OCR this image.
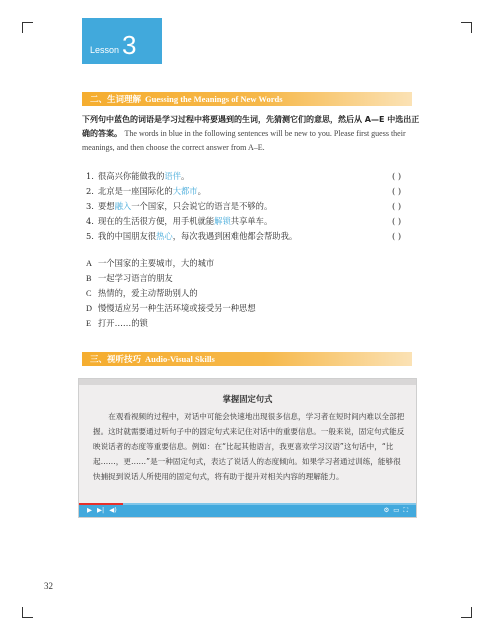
Lesson 3
二、生词理解 Guessing the Meanings of New Words
下列句中蓝色的词语是学习过程中将要遇到的生词，先猜测它们的意思，然后从 A—E 中选出正确的答案。 The words in blue in the following sentences will be new to you. Please first guess their meanings, and then choose the correct answer from A–E.
1. 很高兴你能做我的语伴。	( )
2. 北京是一座国际化的大都市。	( )
3. 要想融入一个国家，只会说它的语言是不够的。	( )
4. 现在的生活很方便，用手机就能解锁共享单车。	( )
5. 我的中国朋友很热心，每次我遇到困难他都会帮助我。	( )
A 一个国家的主要城市，大的城市
B 一起学习语言的朋友
C 热情的，爱主动帮助别人的
D 慢慢适应另一种生活环境或接受另一种思想
E 打开……的锁
三、视听技巧 Audio-Visual Skills
掌握固定句式
在观看视频的过程中，对话中可能会快速地出现很多信息，学习者在短时间内难以全部把握。这时就需要通过听句子中的固定句式来记住对话中的重要信息。一般来说，固定句式能反映说话者的态度等重要信息。例如：在“比起其他语言，我更喜欢学习汉语”这句话中，“比起……，更……”是一种固定句式，表达了说话人的态度倾向。如果学习者通过训练，能够很快捕捉到说话人所使用的固定句式，将有助于提升对相关内容的理解能力。
▶ ▶| ◀)	⚙ ▭ ⛶
32
